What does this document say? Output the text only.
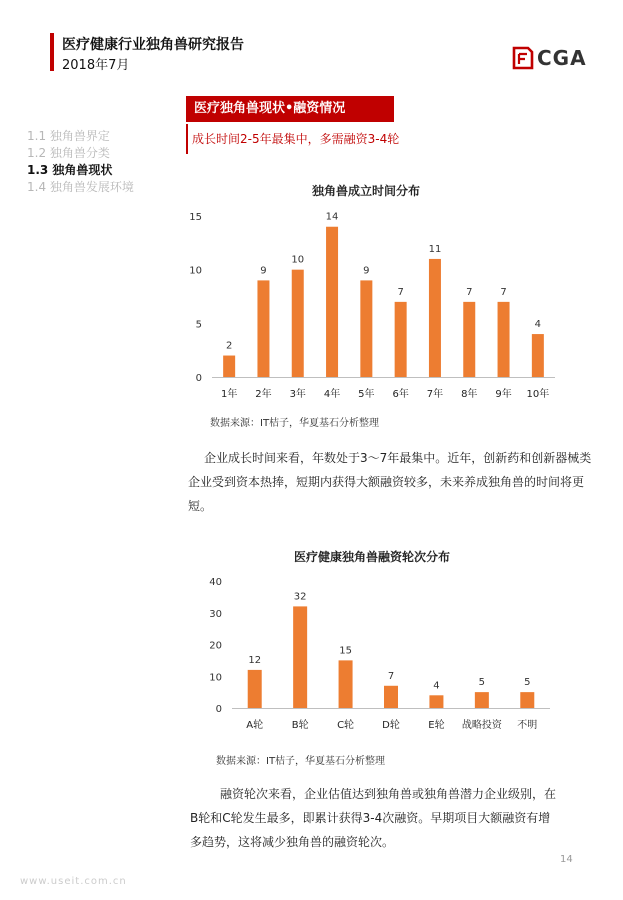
医疗健康行业独角兽研究报告
2018年7月	CGA
医疗独角兽现状•融资情况
成长时间2-5年最集中，多需融资3-4轮
1.1 独角兽界定
1.2 独角兽分类
1.3 独角兽现状
1.4 独角兽发展环境	独角兽成立时间分布
0
5
10
15
2
1年
9
2年
10
3年
14
4年
9
5年
7
6年
11
7年
7
8年
7
9年
4
10年
数据来源：IT桔子，华夏基石分析整理
企业成长时间来看，年数处于3～7年最集中。近年，创新药和创新器械类企业受到资本热捧，短期内获得大额融资较多，未来养成独角兽的时间将更短。
医疗健康独角兽融资轮次分布
0
10
20
30
40
12
A轮
32
B轮
15
C轮
7
D轮
4
E轮
5
战略投资
5
不明
数据来源：IT桔子，华夏基石分析整理
融资轮次来看，企业估值达到独角兽或独角兽潜力企业级别，在B轮和C轮发生最多，即累计获得3-4次融资。早期项目大额融资有增多趋势，这将减少独角兽的融资轮次。
14
www.useit.com.cn
